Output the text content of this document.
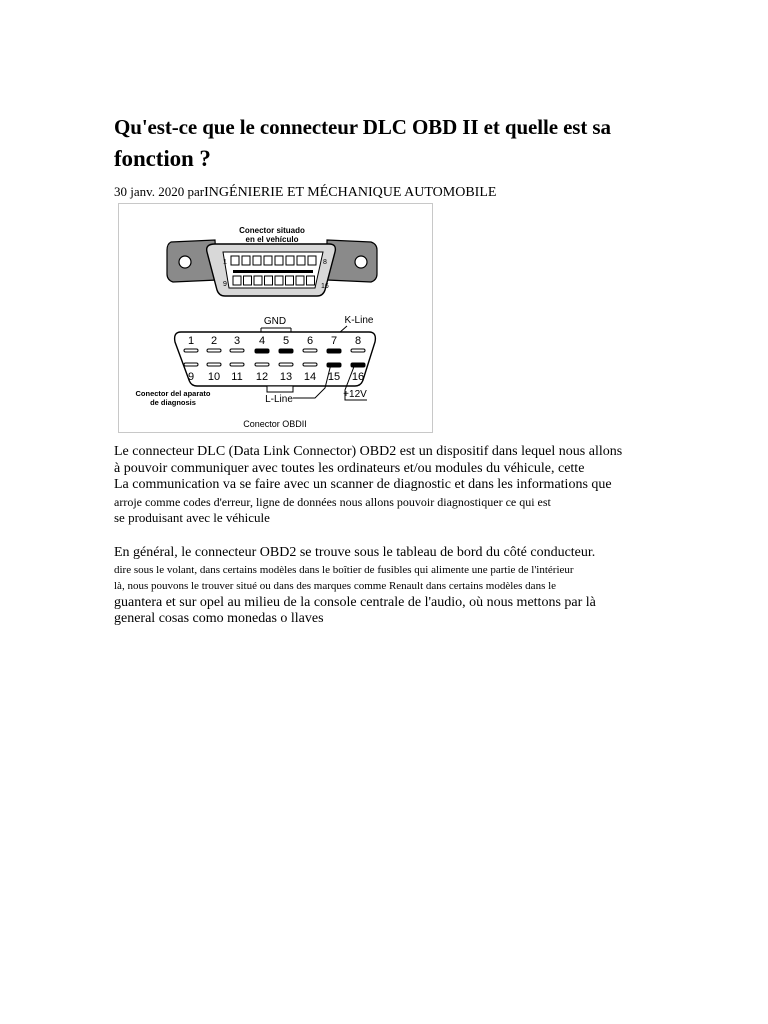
Qu'est-ce que le connecteur DLC OBD II et quelle est sa
fonction ?
30 janv. 2020 parINGÉNIERIE ET MÉCHANIQUE AUTOMOBILE
Conector situado
en el vehículo
1	8
9	16
GND	K-Line
1 2 3 4 5 6 7 8
9 10 11 12 13 14 15 16
L-Line	+12V
Conector del aparato
de diagnosis
Conector OBDII
Le connecteur DLC (Data Link Connector) OBD2 est un dispositif dans lequel nous allons
à pouvoir communiquer avec toutes les ordinateurs et/ou modules du véhicule, cette
La communication va se faire avec un scanner de diagnostic et dans les informations que
arroje comme codes d'erreur, ligne de données nous allons pouvoir diagnostiquer ce qui est
se produisant avec le véhicule
En général, le connecteur OBD2 se trouve sous le tableau de bord du côté conducteur.
dire sous le volant, dans certains modèles dans le boîtier de fusibles qui alimente une partie de l'intérieur
là, nous pouvons le trouver situé ou dans des marques comme Renault dans certains modèles dans le
guantera et sur opel au milieu de la console centrale de l'audio, où nous mettons par là
general cosas como monedas o llaves
